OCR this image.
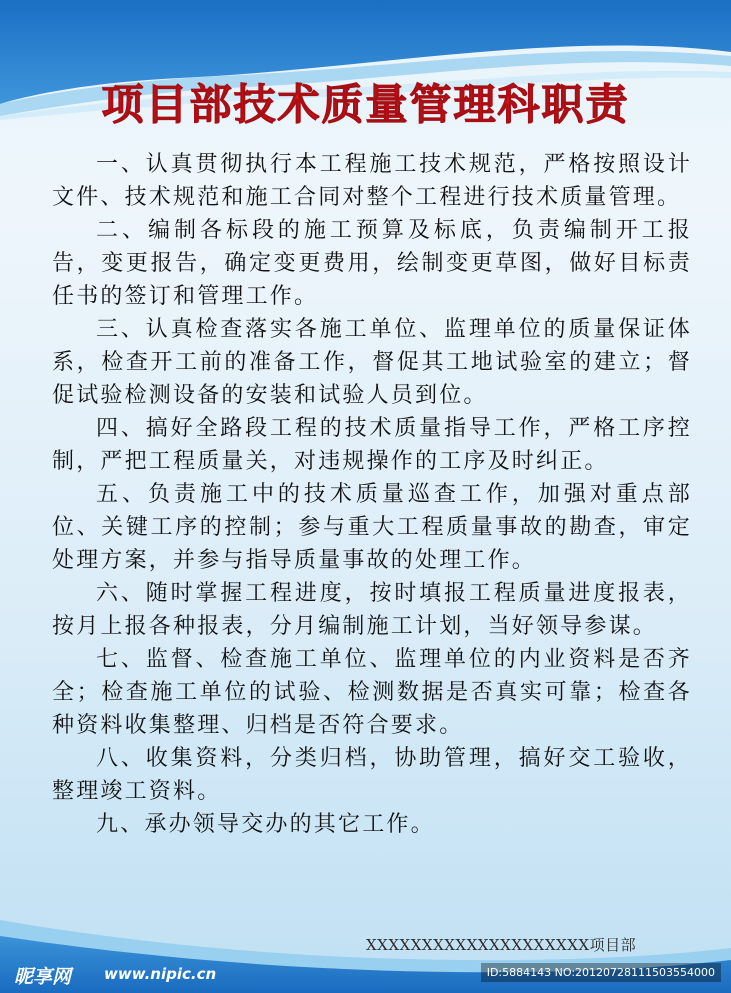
项目部技术质量管理科职责

一、认真贯彻执行本工程施工技术规范，严格按照设计文件、技术规范和施工合同对整个工程进行技术质量管理。

二、编制各标段的施工预算及标底，负责编制开工报告，变更报告，确定变更费用，绘制变更草图，做好目标责任书的签订和管理工作。

三、认真检查落实各施工单位、监理单位的质量保证体系，检查开工前的准备工作，督促其工地试验室的建立；督促试验检测设备的安装和试验人员到位。

四、搞好全路段工程的技术质量指导工作，严格工序控制，严把工程质量关，对违规操作的工序及时纠正。

五、负责施工中的技术质量巡查工作，加强对重点部位、关键工序的控制；参与重大工程质量事故的勘查，审定处理方案，并参与指导质量事故的处理工作。

六、随时掌握工程进度，按时填报工程质量进度报表，按月上报各种报表，分月编制施工计划，当好领导参谋。

七、监督、检查施工单位、监理单位的内业资料是否齐全；检查施工单位的试验、检测数据是否真实可靠；检查各种资料收集整理、归档是否符合要求。

八、收集资料，分类归档，协助管理，搞好交工验收，整理竣工资料。

九、承办领导交办的其它工作。

XXXXXXXXXXXXXXXXXXXX项目部
昵享网 www.nipic.cn	ID:5884143 NO:20120728111503554000
